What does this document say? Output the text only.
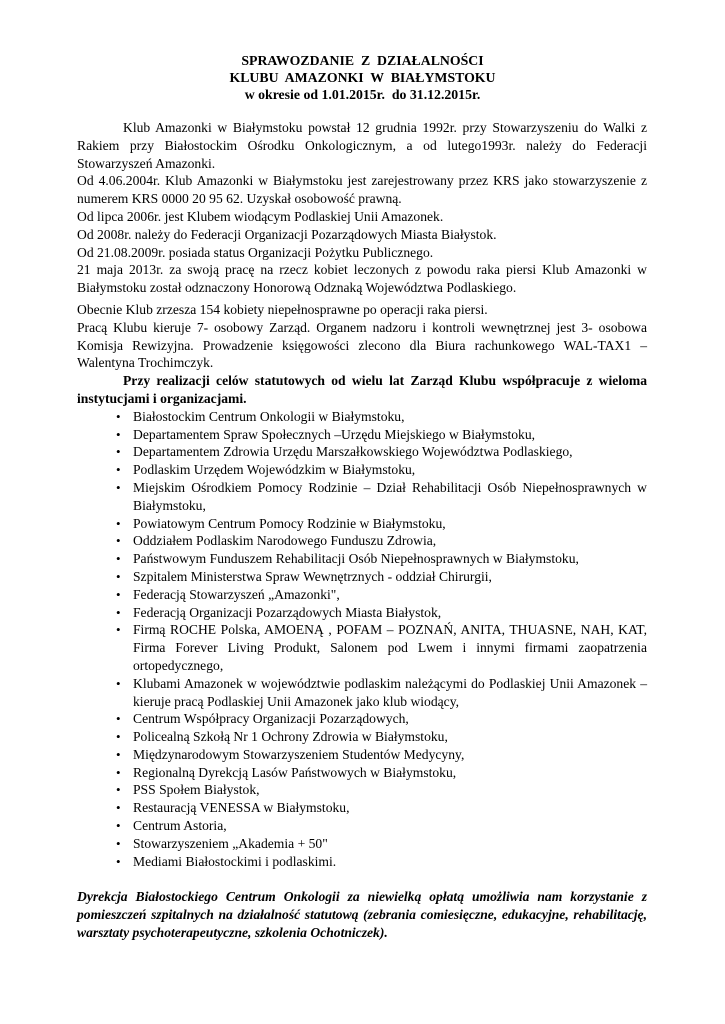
SPRAWOZDANIE  Z  DZIAŁALNOŚCI
KLUBU  AMAZONKI  W  BIAŁYMSTOKU
w okresie od 1.01.2015r.  do 31.12.2015r.

Klub Amazonki w Białymstoku powstał 12 grudnia 1992r. przy Stowarzyszeniu do Walki z Rakiem przy Białostockim Ośrodku Onkologicznym, a od lutego1993r. należy do Federacji Stowarzyszeń Amazonki.

Od 4.06.2004r. Klub Amazonki w Białymstoku jest zarejestrowany przez KRS jako stowarzyszenie z numerem KRS 0000 20 95 62. Uzyskał osobowość prawną.

Od lipca 2006r. jest Klubem wiodącym Podlaskiej Unii Amazonek.

Od 2008r. należy do Federacji Organizacji Pozarządowych Miasta Białystok.

Od 21.08.2009r. posiada status Organizacji Pożytku Publicznego.

21 maja 2013r. za swoją pracę na rzecz kobiet leczonych z powodu raka piersi Klub Amazonki w Białymstoku został odznaczony Honorową Odznaką Województwa Podlaskiego.

Obecnie Klub zrzesza 154 kobiety niepełnosprawne po operacji raka piersi.

Pracą Klubu kieruje 7- osobowy Zarząd. Organem nadzoru i kontroli wewnętrznej jest 3- osobowa Komisja Rewizyjna. Prowadzenie księgowości zlecono dla Biura rachunkowego WAL-TAX1 – Walentyna Trochimczyk.

Przy realizacji celów statutowych od wielu lat Zarząd Klubu współpracuje z wieloma instytucjami i organizacjami.

• Białostockim Centrum Onkologii w Białymstoku,
• Departamentem Spraw Społecznych –Urzędu Miejskiego w Białymstoku,
• Departamentem Zdrowia Urzędu Marszałkowskiego Województwa Podlaskiego,
• Podlaskim Urzędem Wojewódzkim w Białymstoku,
• Miejskim Ośrodkiem Pomocy Rodzinie – Dział Rehabilitacji Osób Niepełnosprawnych w Białymstoku,
• Powiatowym Centrum Pomocy Rodzinie w Białymstoku,
• Oddziałem Podlaskim Narodowego Funduszu Zdrowia,
• Państwowym Funduszem Rehabilitacji Osób Niepełnosprawnych w Białymstoku,
• Szpitalem Ministerstwa Spraw Wewnętrznych - oddział Chirurgii,
• Federacją Stowarzyszeń „Amazonki",
• Federacją Organizacji Pozarządowych Miasta Białystok,
• Firmą ROCHE Polska, AMOENĄ , POFAM – POZNAŃ, ANITA, THUASNE, NAH, KAT, Firma Forever Living Produkt, Salonem pod Lwem i innymi firmami zaopatrzenia ortopedycznego,
• Klubami Amazonek w województwie podlaskim należącymi do Podlaskiej Unii Amazonek – kieruje pracą Podlaskiej Unii Amazonek jako klub wiodący,
• Centrum Współpracy Organizacji Pozarządowych,
• Policealną Szkołą Nr 1 Ochrony Zdrowia w Białymstoku,
• Międzynarodowym Stowarzyszeniem Studentów Medycyny,
• Regionalną Dyrekcją Lasów Państwowych w Białymstoku,
• PSS Społem Białystok,
• Restauracją VENESSA w Białymstoku,
• Centrum Astoria,
• Stowarzyszeniem „Akademia + 50"
• Mediami Białostockimi i podlaskimi.

Dyrekcja Białostockiego Centrum Onkologii za niewielką opłatą umożliwia nam korzystanie z pomieszczeń szpitalnych na działalność statutową (zebrania comiesięczne, edukacyjne, rehabilitację, warsztaty psychoterapeutyczne, szkolenia Ochotniczek).
